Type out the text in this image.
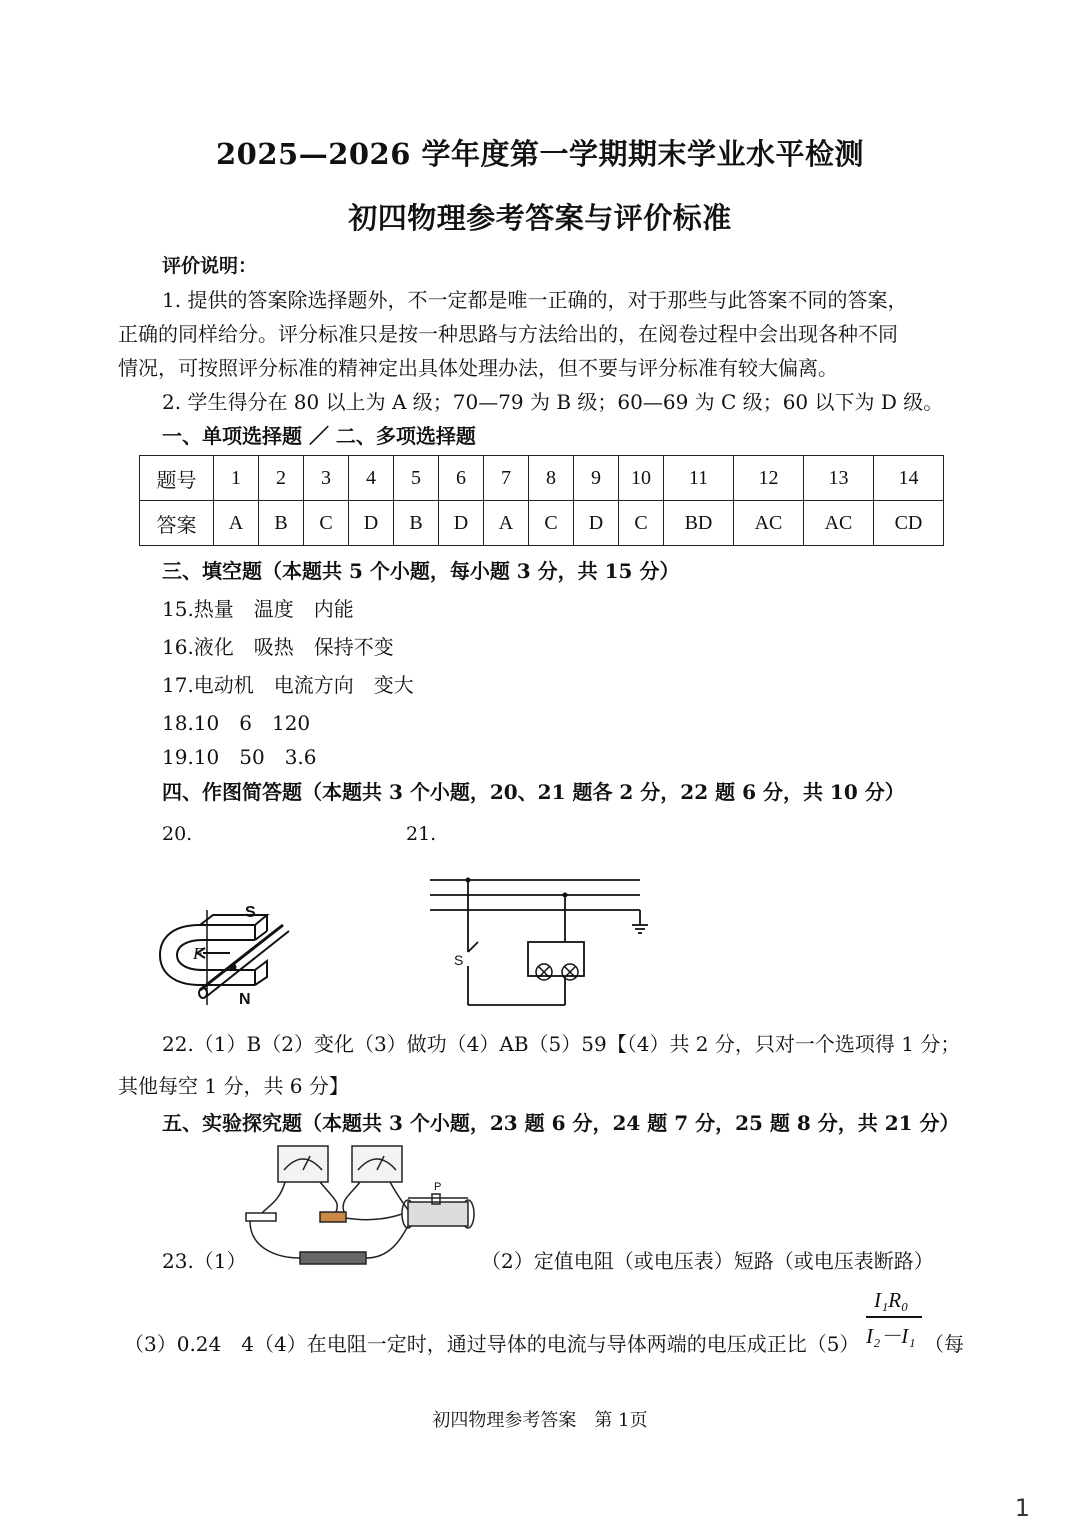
2025—2026 学年度第一学期期末学业水平检测
初四物理参考答案与评价标准
评价说明：
1. 提供的答案除选择题外，不一定都是唯一正确的，对于那些与此答案不同的答案，
正确的同样给分。评分标准只是按一种思路与方法给出的，在阅卷过程中会出现各种不同
情况，可按照评分标准的精神定出具体处理办法，但不要与评分标准有较大偏离。
2. 学生得分在 80 以上为 A 级；70—79 为 B 级；60—69 为 C 级；60 以下为 D 级。
一、单项选择题 ／ 二、多项选择题
题号	1	2	3	4	5	6	7	8	9	10	11	12	13	14
答案	A	B	C	D	B	D	A	C	D	C	BD	AC	AC	CD
三、填空题（本题共 5 个小题，每小题 3 分，共 15 分）
15.热量　温度　内能
16.液化　吸热　保持不变
17.电动机　电流方向　变大
18.10　6　120
19.10　50　3.6
四、作图简答题（本题共 3 个小题，20、21 题各 2 分，22 题 6 分，共 10 分）
20.	21.
S
N
F	S
22.（1）B（2）变化（3）做功（4）AB（5）59【（4）共 2 分，只对一个选项得 1 分；
其他每空 1 分，共 6 分】
五、实验探究题（本题共 3 个小题，23 题 6 分，24 题 7 分，25 题 8 分，共 21 分）
P
23.（1）	（2）定值电阻（或电压表）短路（或电压表断路）
（3）0.24　4（4）在电阻一定时，通过导体的电流与导体两端的电压成正比（5）
I₁R₀
I₂－I₁ （每
初四物理参考答案　第 1页
1
